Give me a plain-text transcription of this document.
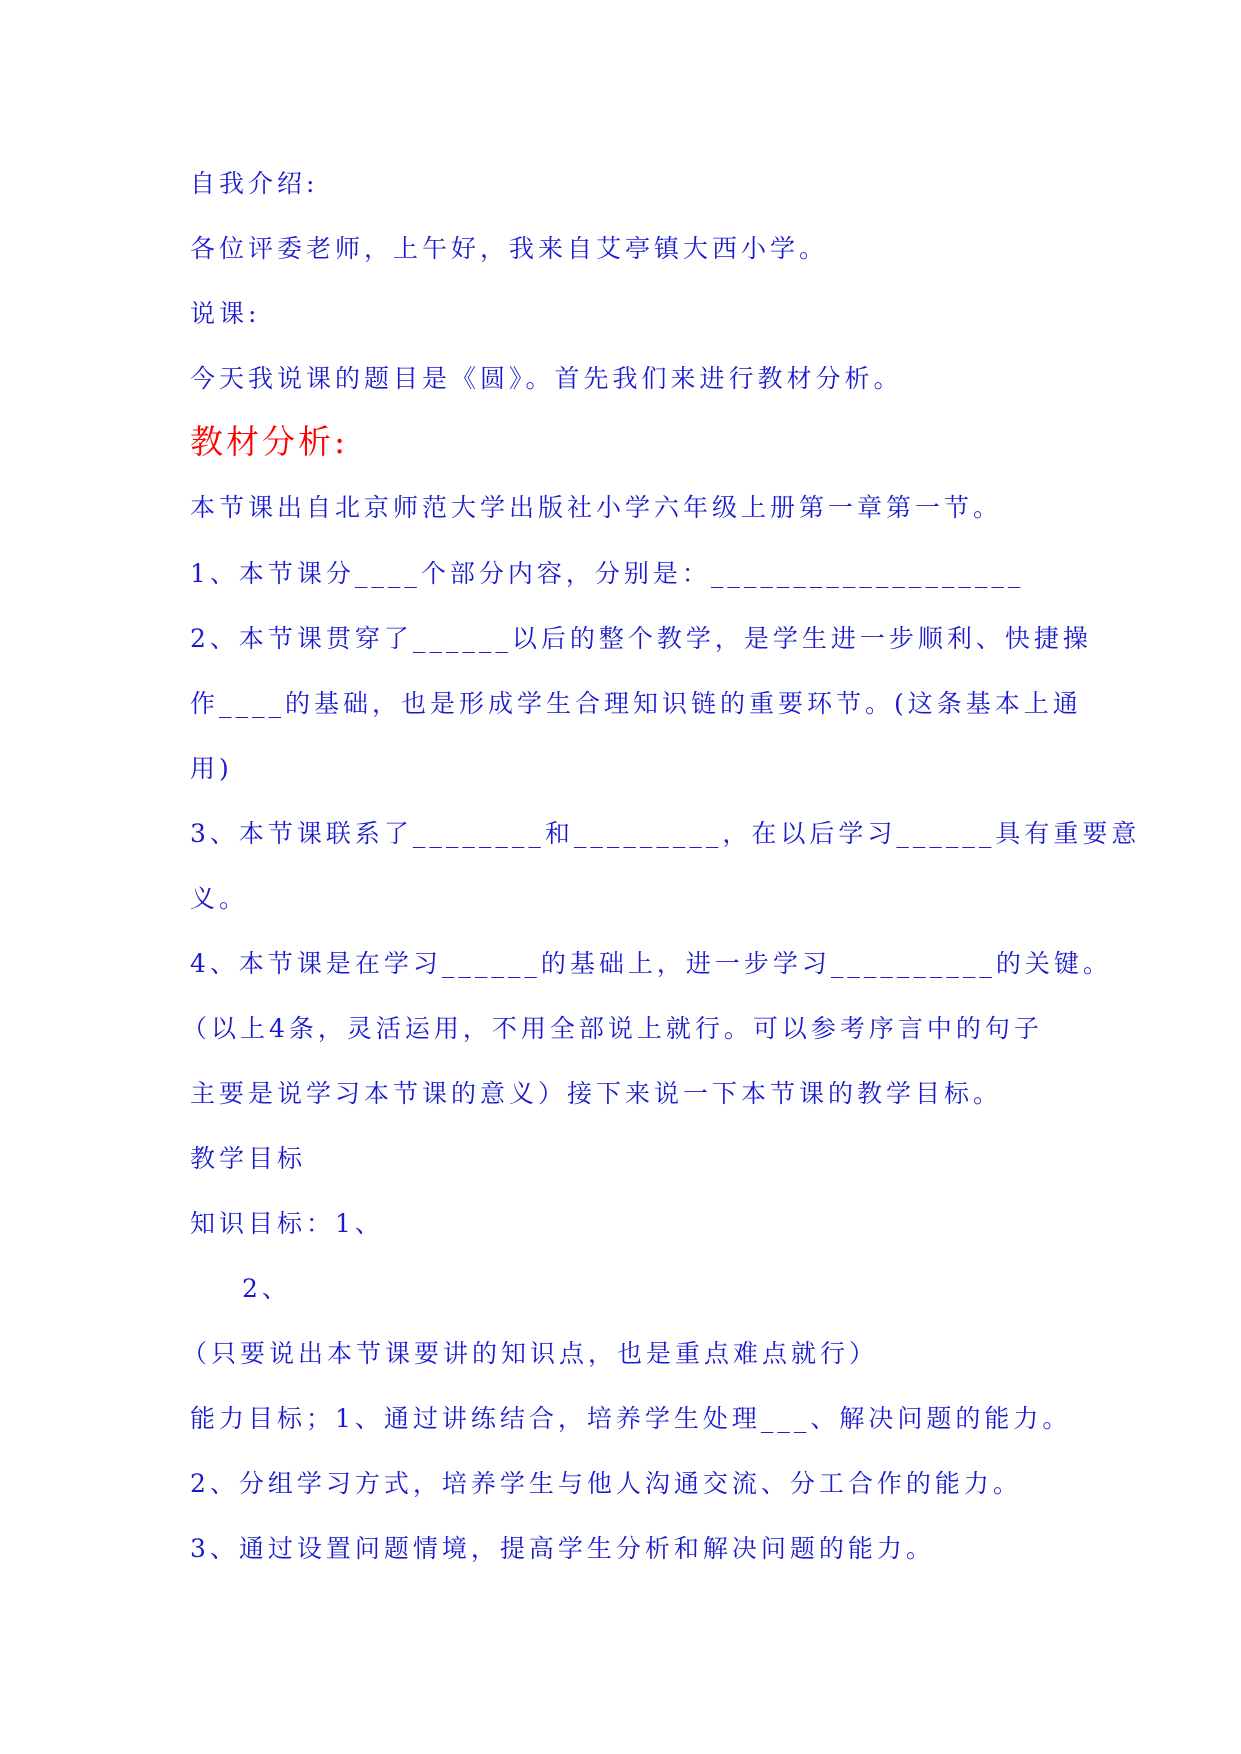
自我介绍:
各位评委老师，上午好，我来自艾亭镇大西小学。
说课:
今天我说课的题目是《圆》。首先我们来进行教材分析。
教材分析:
本节课出自北京师范大学出版社小学六年级上册第一章第一节。
1、本节课分____个部分内容，分别是：___________________
2、本节课贯穿了______以后的整个教学，是学生进一步顺利、快捷操
作____的基础，也是形成学生合理知识链的重要环节。(这条基本上通
用)
3、本节课联系了________和_________，在以后学习______具有重要意
义。
4、本节课是在学习______的基础上，进一步学习__________的关键。
（以上4条，灵活运用，不用全部说上就行。可以参考序言中的句子
主要是说学习本节课的意义）接下来说一下本节课的教学目标。
教学目标
知识目标：1、
2、
（只要说出本节课要讲的知识点，也是重点难点就行）
能力目标；1、通过讲练结合，培养学生处理___、解决问题的能力。
2、分组学习方式，培养学生与他人沟通交流、分工合作的能力。
3、通过设置问题情境，提高学生分析和解决问题的能力。
